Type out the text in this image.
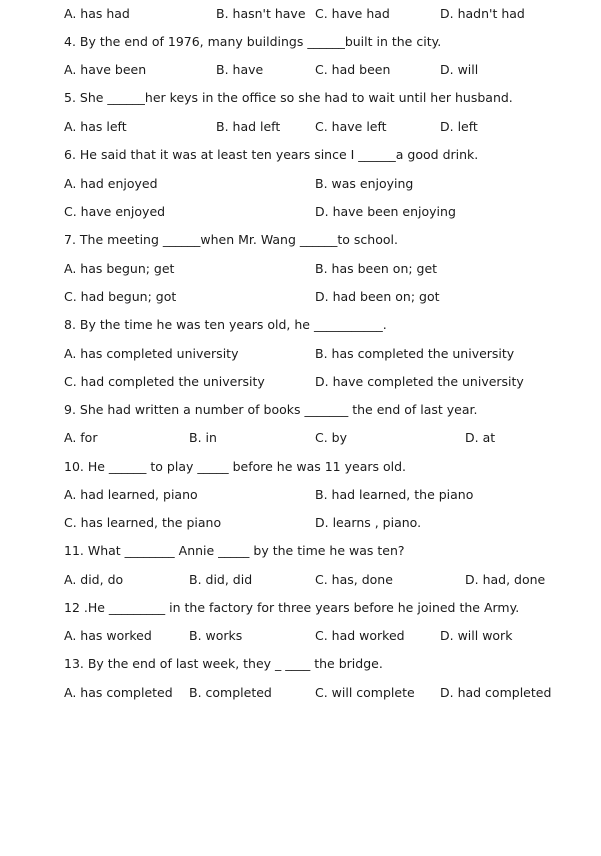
A. has had	B. hasn't have C. have had	D. hadn't had
4. By the end of 1976, many buildings ______built in the city.
A. have been	B. have	C. had been	D. will
5. She ______her keys in the office so she had to wait until her husband.
A. has left	B. had left	C. have left	D. left
6. He said that it was at least ten years since I ______a good drink.
A. had enjoyed	B. was enjoying
C. have enjoyed	D. have been enjoying
7. The meeting ______when Mr. Wang ______to school.
A. has begun; get	B. has been on; get
C. had begun; got	D. had been on; got
8. By the time he was ten years old, he ___________.
A. has completed university	B. has completed the university
C. had completed the university	D. have completed the university
9. She had written a number of books _______ the end of last year.
A. for	B. in	C. by	D. at
10. He ______ to play _____ before he was 11 years old.
A. had learned, piano	B. had learned, the piano
C. has learned, the piano	D. learns , piano.
11. What ________ Annie _____ by the time he was ten?
A. did, do	B. did, did	C. has, done	D. had, done
12 .He _________ in the factory for three years before he joined the Army.
A. has worked	B. works	C. had worked	D. will work
13. By the end of last week, they _ ____ the bridge.
A. has completed B. completed	C. will complete D. had completed
